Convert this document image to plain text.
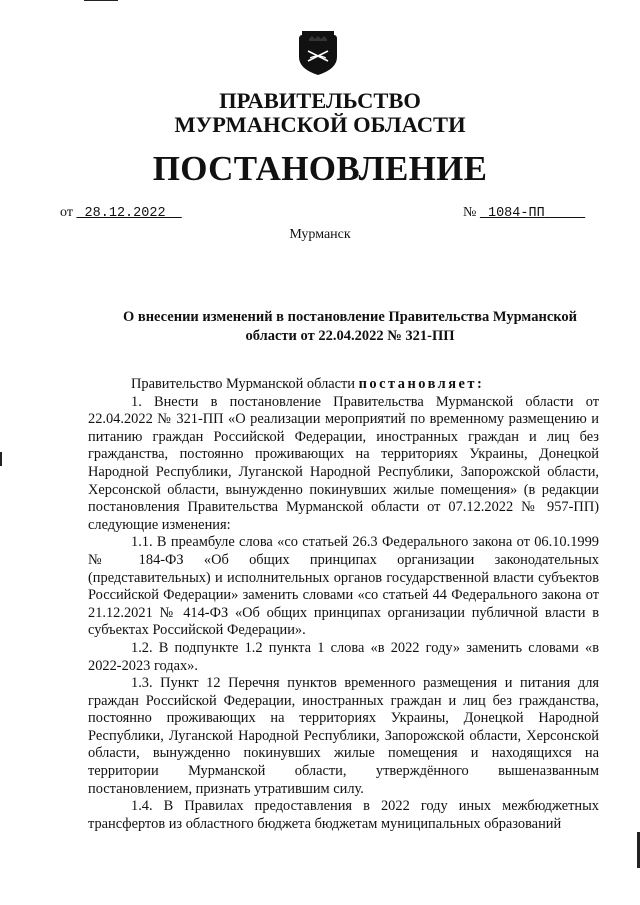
ПРАВИТЕЛЬСТВО
МУРМАНСКОЙ ОБЛАСТИ
ПОСТАНОВЛЕНИЕ
от 28.12.2022	№ 1084-ПП
Мурманск
О внесении изменений в постановление Правительства Мурманской
области от 22.04.2022 № 321-ПП

Правительство Мурманской области постановляет:

1. Внести в постановление Правительства Мурманской области от 22.04.2022 № 321-ПП «О реализации мероприятий по временному размещению и питанию граждан Российской Федерации, иностранных граждан и лиц без гражданства, постоянно проживающих на территориях Украины, Донецкой Народной Республики, Луганской Народной Республики, Запорожской области, Херсонской области, вынужденно покинувших жилые помещения» (в редакции постановления Правительства Мурманской области от 07.12.2022 № 957-ПП) следующие изменения:

1.1. В преамбуле слова «со статьей 26.3 Федерального закона от 06.10.1999 № 184-ФЗ «Об общих принципах организации законодательных (представительных) и исполнительных органов государственной власти субъектов Российской Федерации» заменить словами «со статьей 44 Федерального закона от 21.12.2021 № 414-ФЗ «Об общих принципах организации публичной власти в субъектах Российской Федерации».

1.2. В подпункте 1.2 пункта 1 слова «в 2022 году» заменить словами «в 2022-2023 годах».

1.3. Пункт 12 Перечня пунктов временного размещения и питания для граждан Российской Федерации, иностранных граждан и лиц без гражданства, постоянно проживающих на территориях Украины, Донецкой Народной Республики, Луганской Народной Республики, Запорожской области, Херсонской области, вынужденно покинувших жилые помещения и находящихся на территории Мурманской области, утверждённого вышеназванным постановлением, признать утратившим силу.

1.4. В Правилах предоставления в 2022 году иных межбюджетных трансфертов из областного бюджета бюджетам муниципальных образований
